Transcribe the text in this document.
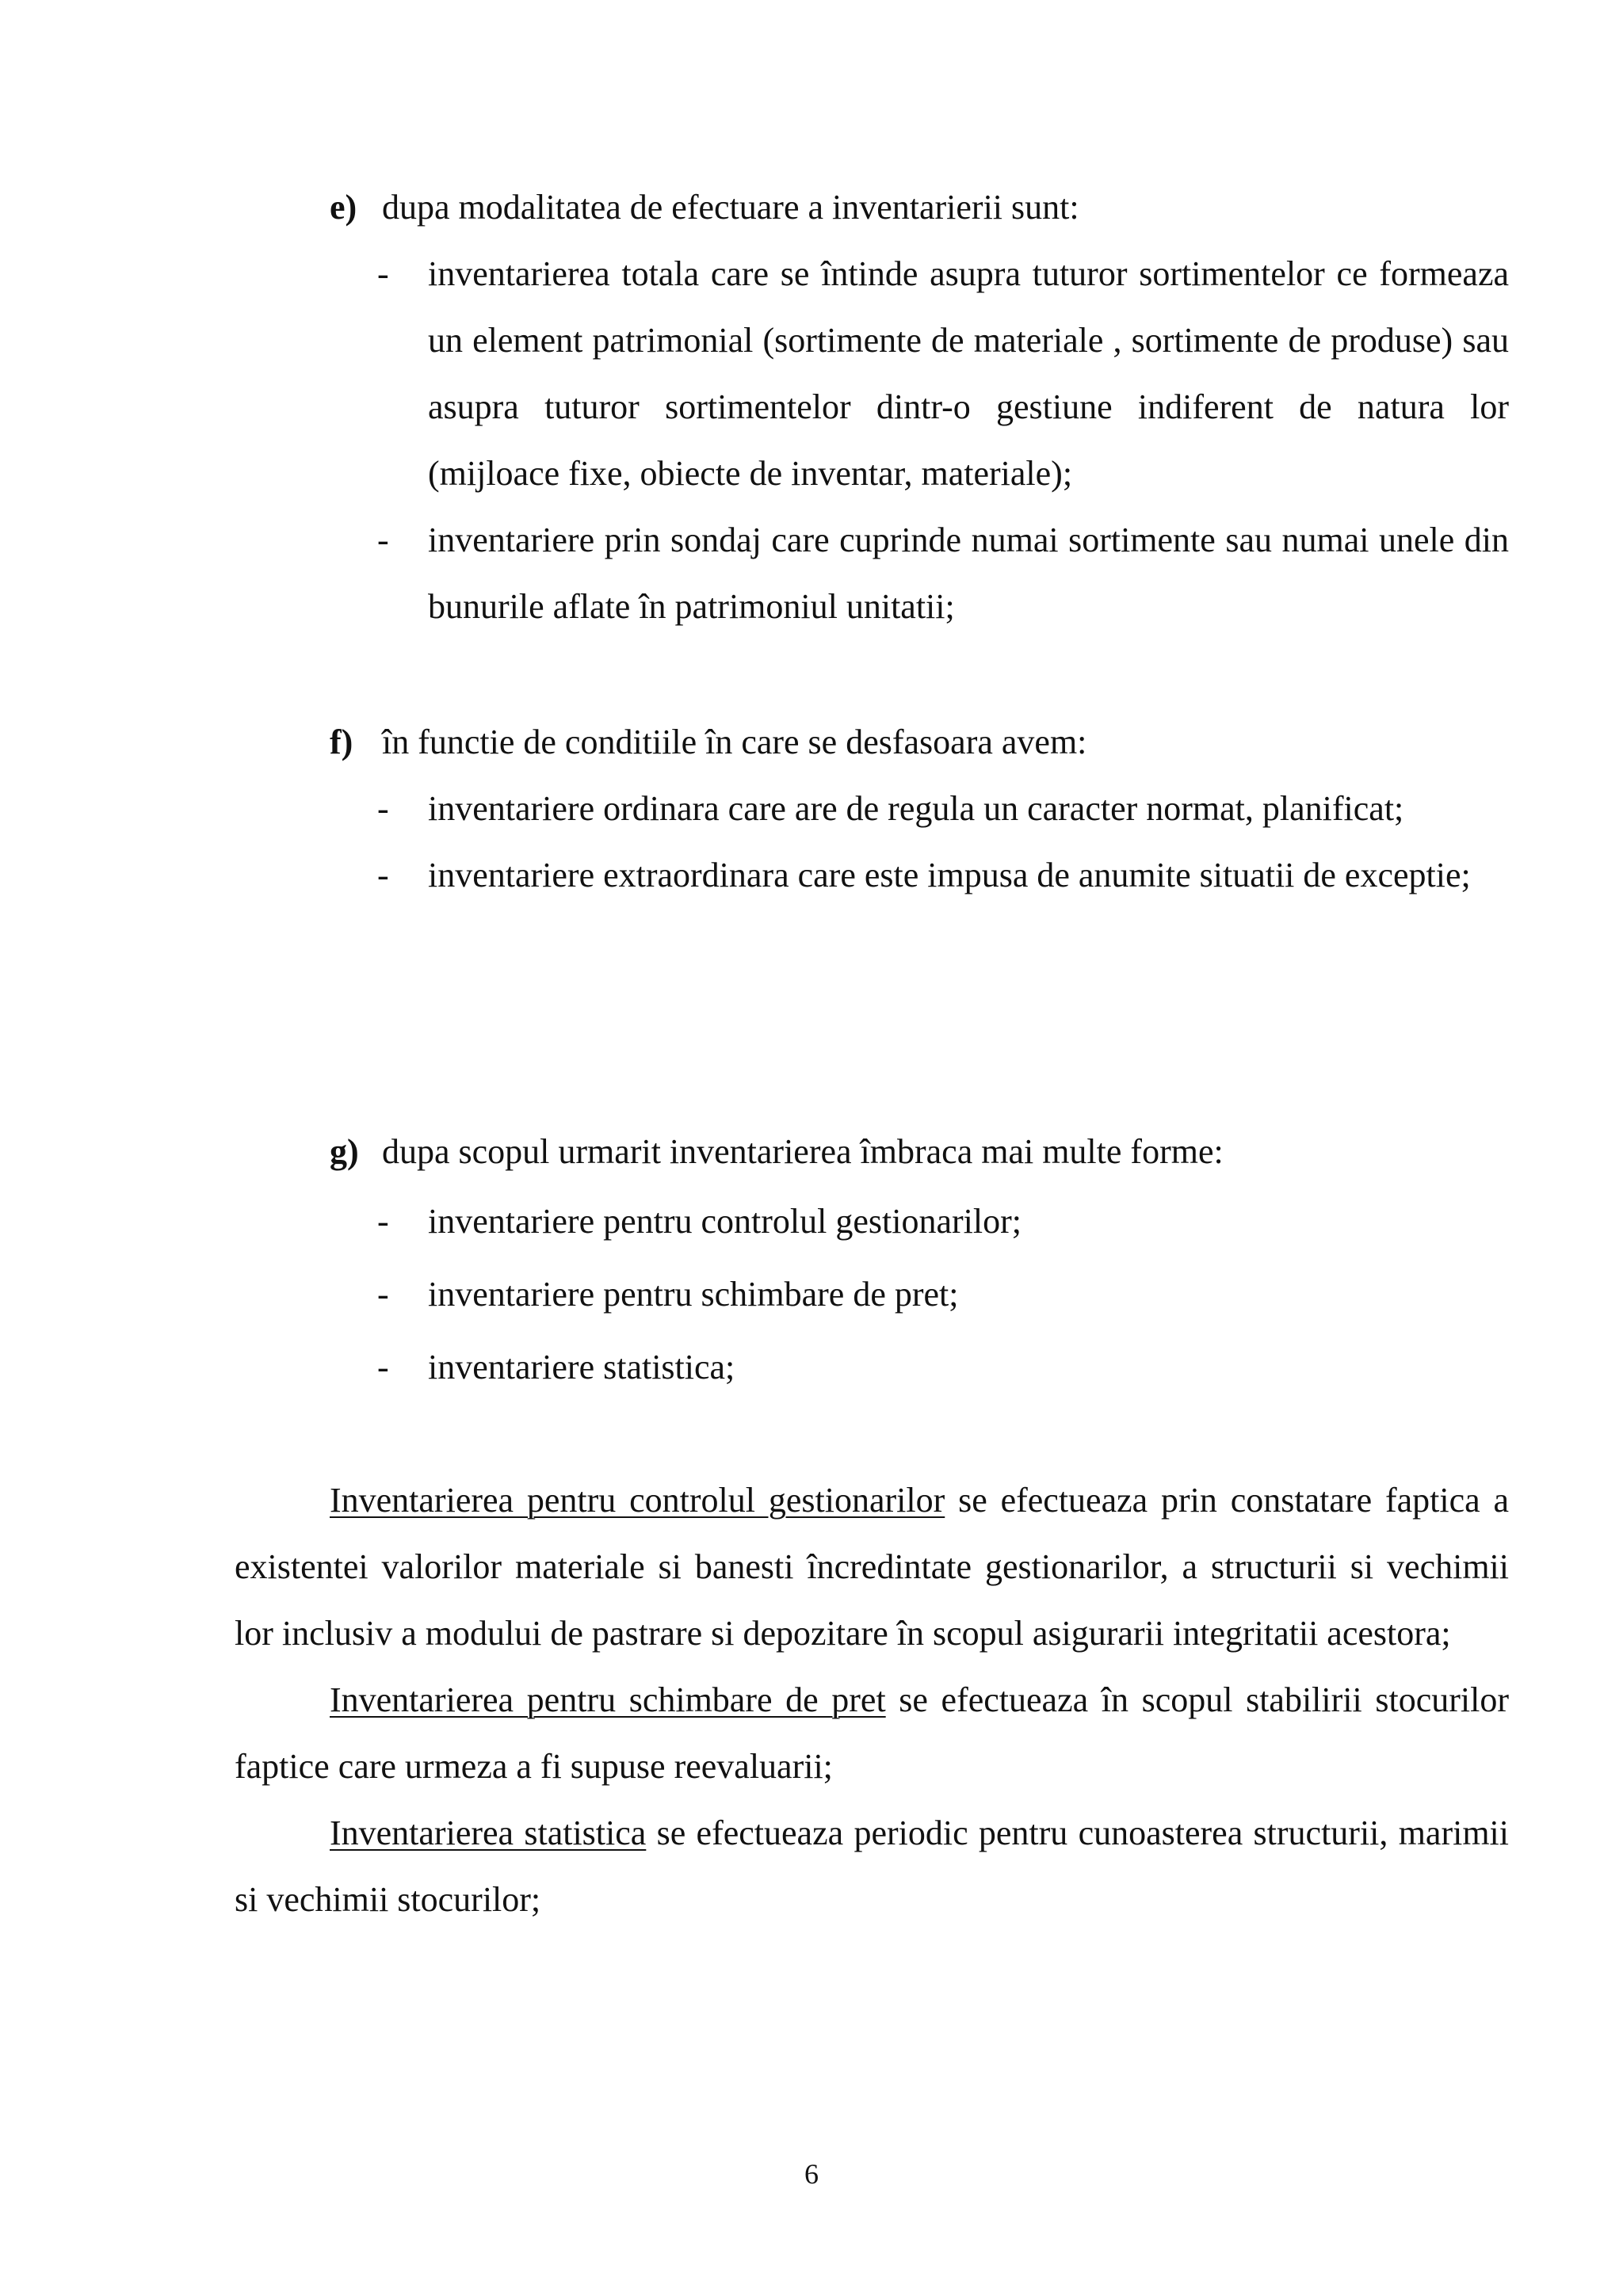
e) dupa modalitatea de efectuare a inventarierii sunt:
- inventarierea totala care se întinde asupra tuturor sortimentelor ce formeaza un element patrimonial (sortimente de materiale , sortimente de produse) sau asupra tuturor sortimentelor dintr-o gestiune indiferent de natura lor (mijloace fixe, obiecte de inventar, materiale);
- inventariere prin sondaj care cuprinde numai sortimente sau numai unele din bunurile aflate în patrimoniul unitatii;
f) în functie de conditiile în care se desfasoara avem:
- inventariere ordinara care are de regula un caracter normat, planificat;
- inventariere extraordinara care este impusa de anumite situatii de exceptie;
g) dupa scopul urmarit inventarierea îmbraca mai multe forme:
- inventariere pentru controlul gestionarilor;
- inventariere pentru schimbare de pret;
- inventariere statistica;
Inventarierea pentru controlul gestionarilor se efectueaza prin constatare faptica a existentei valorilor materiale si banesti încredintate gestionarilor, a structurii si vechimii lor inclusiv a modului de pastrare si depozitare în scopul asigurarii integritatii acestora;
Inventarierea pentru schimbare de pret se efectueaza în scopul stabilirii stocurilor faptice care urmeza a fi supuse reevaluarii;
Inventarierea statistica se efectueaza periodic pentru cunoasterea structurii, marimii si vechimii stocurilor;
6
